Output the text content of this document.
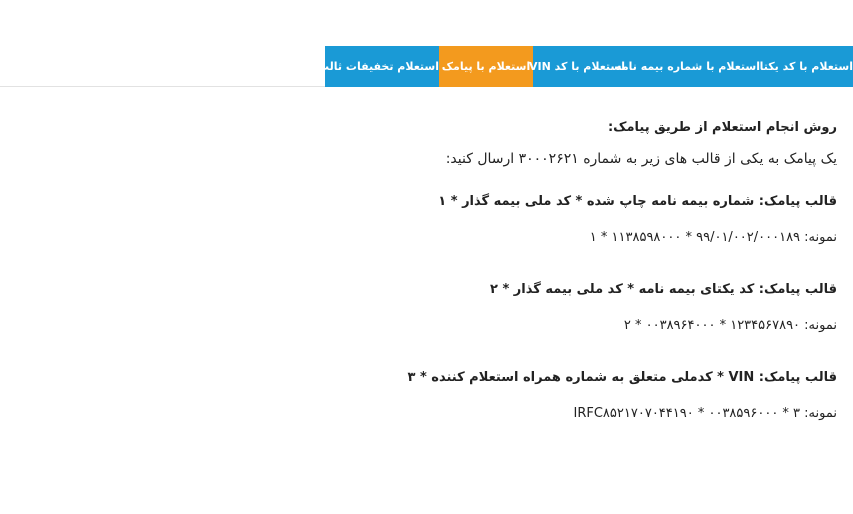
استعلام با کد یکتا
استعلام با شماره بیمه نامه
استعلام با کد VIN
استعلام با پیامک
استعلام تخفیفات ثالث

روش انجام استعلام از طریق پیامک:

یک پیامک به یکی از قالب های زیر به شماره ۳۰۰۰۲۶۲۱ ارسال کنید:

قالب پیامک: شماره بیمه نامه چاپ شده * کد ملی بیمه گذار * ۱

نمونه: ۹۹/۰۱/۰۰۲/۰۰۰۱۸۹ * ۱۱۳۸۵۹۸۰۰۰ * ۱

قالب پیامک: کد یکتای بیمه نامه * کد ملی بیمه گذار * ۲

نمونه: ۱۲۳۴۵۶۷۸۹۰ * ۰۰۳۸۹۶۴۰۰۰ * ۲

قالب پیامک: VIN * کدملی متعلق به شماره همراه استعلام کننده * ۳

نمونه: IRFC۸۵۲۱۷۰۷۰۴۴۱۹۰ * ۰۰۳۸۵۹۶۰۰۰ * ۳
